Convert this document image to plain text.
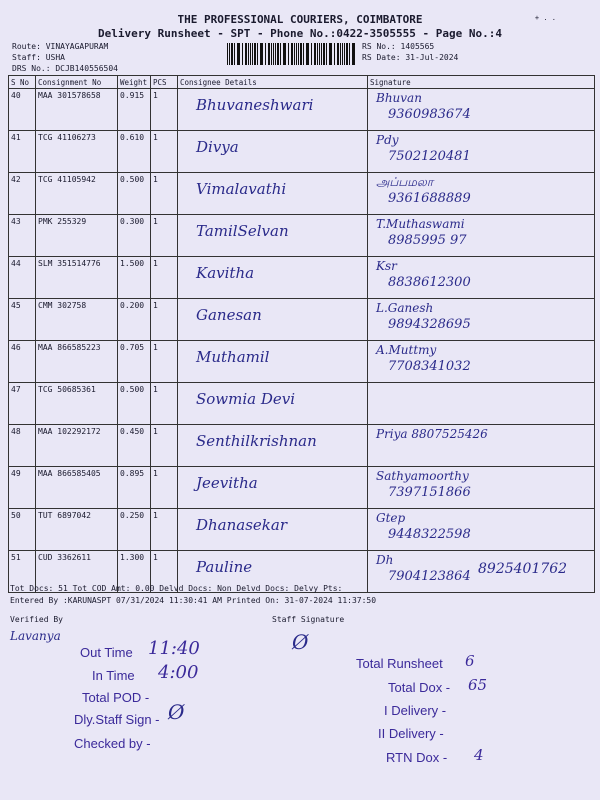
THE PROFESSIONAL COURIERS, COIMBATORE
Delivery Runsheet - SPT - Phone No.:0422-3505555 - Page No.:4
+ . .
Route: VINAYAGAPURAM
Staff: USHA
DRS No.: DCJB140556504
RS No.: 1405565
RS Date: 31-Jul-2024
S No	Consignment No	Weight	PCS	Consignee Details	Signature
40	MAA 301578658	0.915	1	Bhuvaneshwari	Bhuvan
9360983674

41	TCG 41106273	0.610	1	Divya	Pdy
7502120481

42	TCG 41105942	0.500	1	Vimalavathi	அப்பமலா
9361688889

43	PMK 255329	0.300	1	TamilSelvan	T.Muthaswami
8985995 97

44	SLM 351514776	1.500	1	Kavitha	Ksr
8838612300

45	CMM 302758	0.200	1	Ganesan	L.Ganesh
9894328695

46	MAA 866585223	0.705	1	Muthamil	A.Muttmy
7708341032

47	TCG 50685361	0.500	1	Sowmia Devi	

48	MAA 102292172	0.450	1	Senthilkrishnan	Priya 8807525426

49	MAA 866585405	0.895	1	Jeevitha	Sathyamoorthy
7397151866

50	TUT 6897042	0.250	1	Dhanasekar	Gtep
9448322598

51	CUD 3362611	1.300	1	Pauline	Dh
7904123864 8925401762
Tot Docs: 51 Tot COD Amt: 0.00 Delvd Docs: Non Delvd Docs: Delvy Pts:
Entered By :KARUNASPT 07/31/2024 11:30:41 AM Printed On: 31-07-2024 11:37:50
Verified By	Staff Signature
Lavanya	Ø
Out Time 11:40
In Time 4:00
Total POD -
Dly.Staff Sign - Ø
Checked by -
Total Runsheet 6
Total Dox - 65
I Delivery -
II Delivery -
RTN Dox - 4
